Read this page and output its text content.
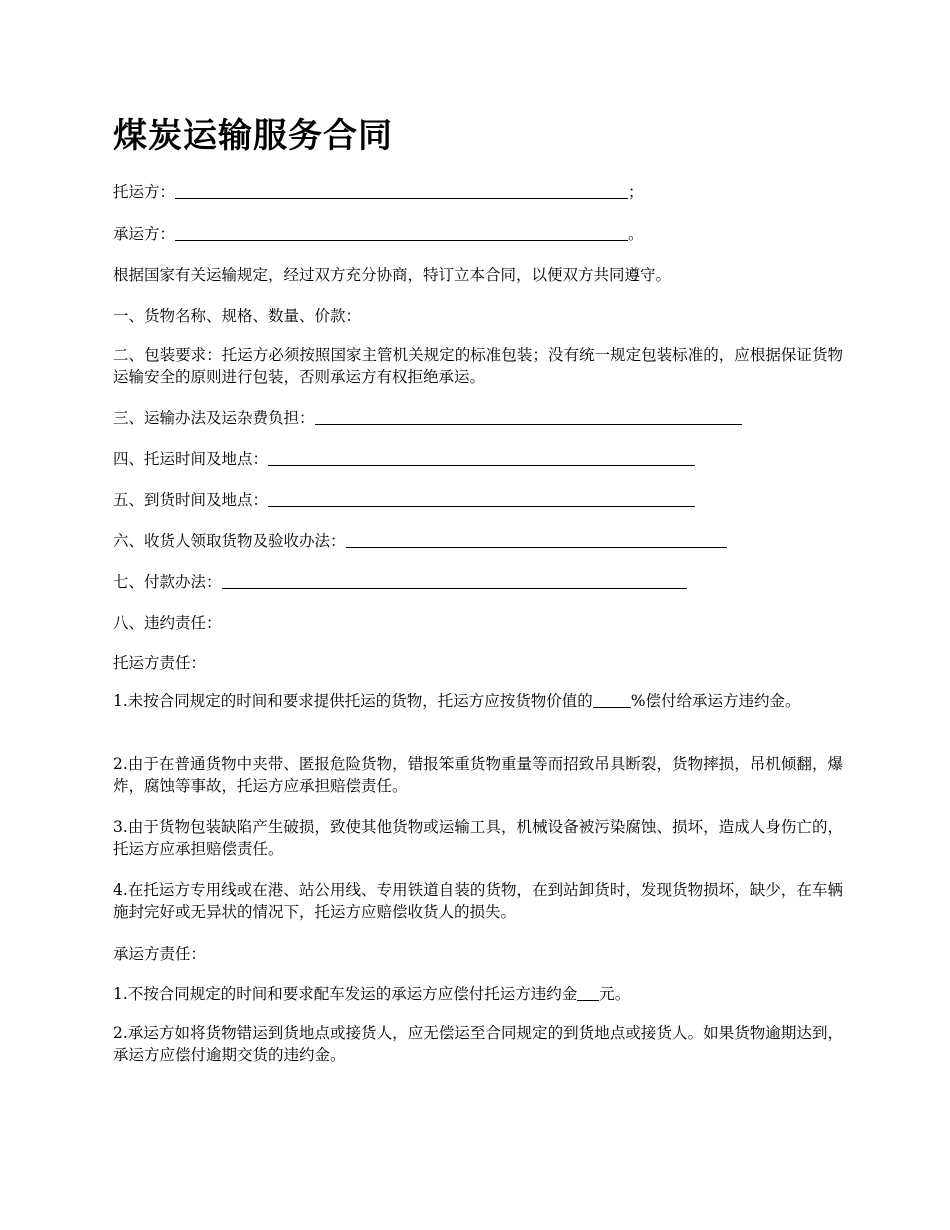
煤炭运输服务合同

托运方：	；

承运方：	。

根据国家有关运输规定，经过双方充分协商，特订立本合同，以便双方共同遵守。

一、货物名称、规格、数量、价款：

二、包装要求：托运方必须按照国家主管机关规定的标准包装；没有统一规定包装标准的，应根据保证货物运输安全的原则进行包装，否则承运方有权拒绝承运。

三、运输办法及运杂费负担：

四、托运时间及地点：

五、到货时间及地点：

六、收货人领取货物及验收办法：

七、付款办法：

八、违约责任：

托运方责任：

1.未按合同规定的时间和要求提供托运的货物，托运方应按货物价值的 %偿付给承运方违约金。

2.由于在普通货物中夹带、匿报危险货物，错报笨重货物重量等而招致吊具断裂，货物摔损，吊机倾翻，爆炸，腐蚀等事故，托运方应承担赔偿责任。

3.由于货物包装缺陷产生破损，致使其他货物或运输工具，机械设备被污染腐蚀、损坏，造成人身伤亡的，托运方应承担赔偿责任。

4.在托运方专用线或在港、站公用线、专用铁道自装的货物，在到站卸货时，发现货物损坏，缺少，在车辆施封完好或无异状的情况下，托运方应赔偿收货人的损失。

承运方责任：

1.不按合同规定的时间和要求配车发运的承运方应偿付托运方违约金 元。

2.承运方如将货物错运到货地点或接货人，应无偿运至合同规定的到货地点或接货人。如果货物逾期达到，承运方应偿付逾期交货的违约金。
